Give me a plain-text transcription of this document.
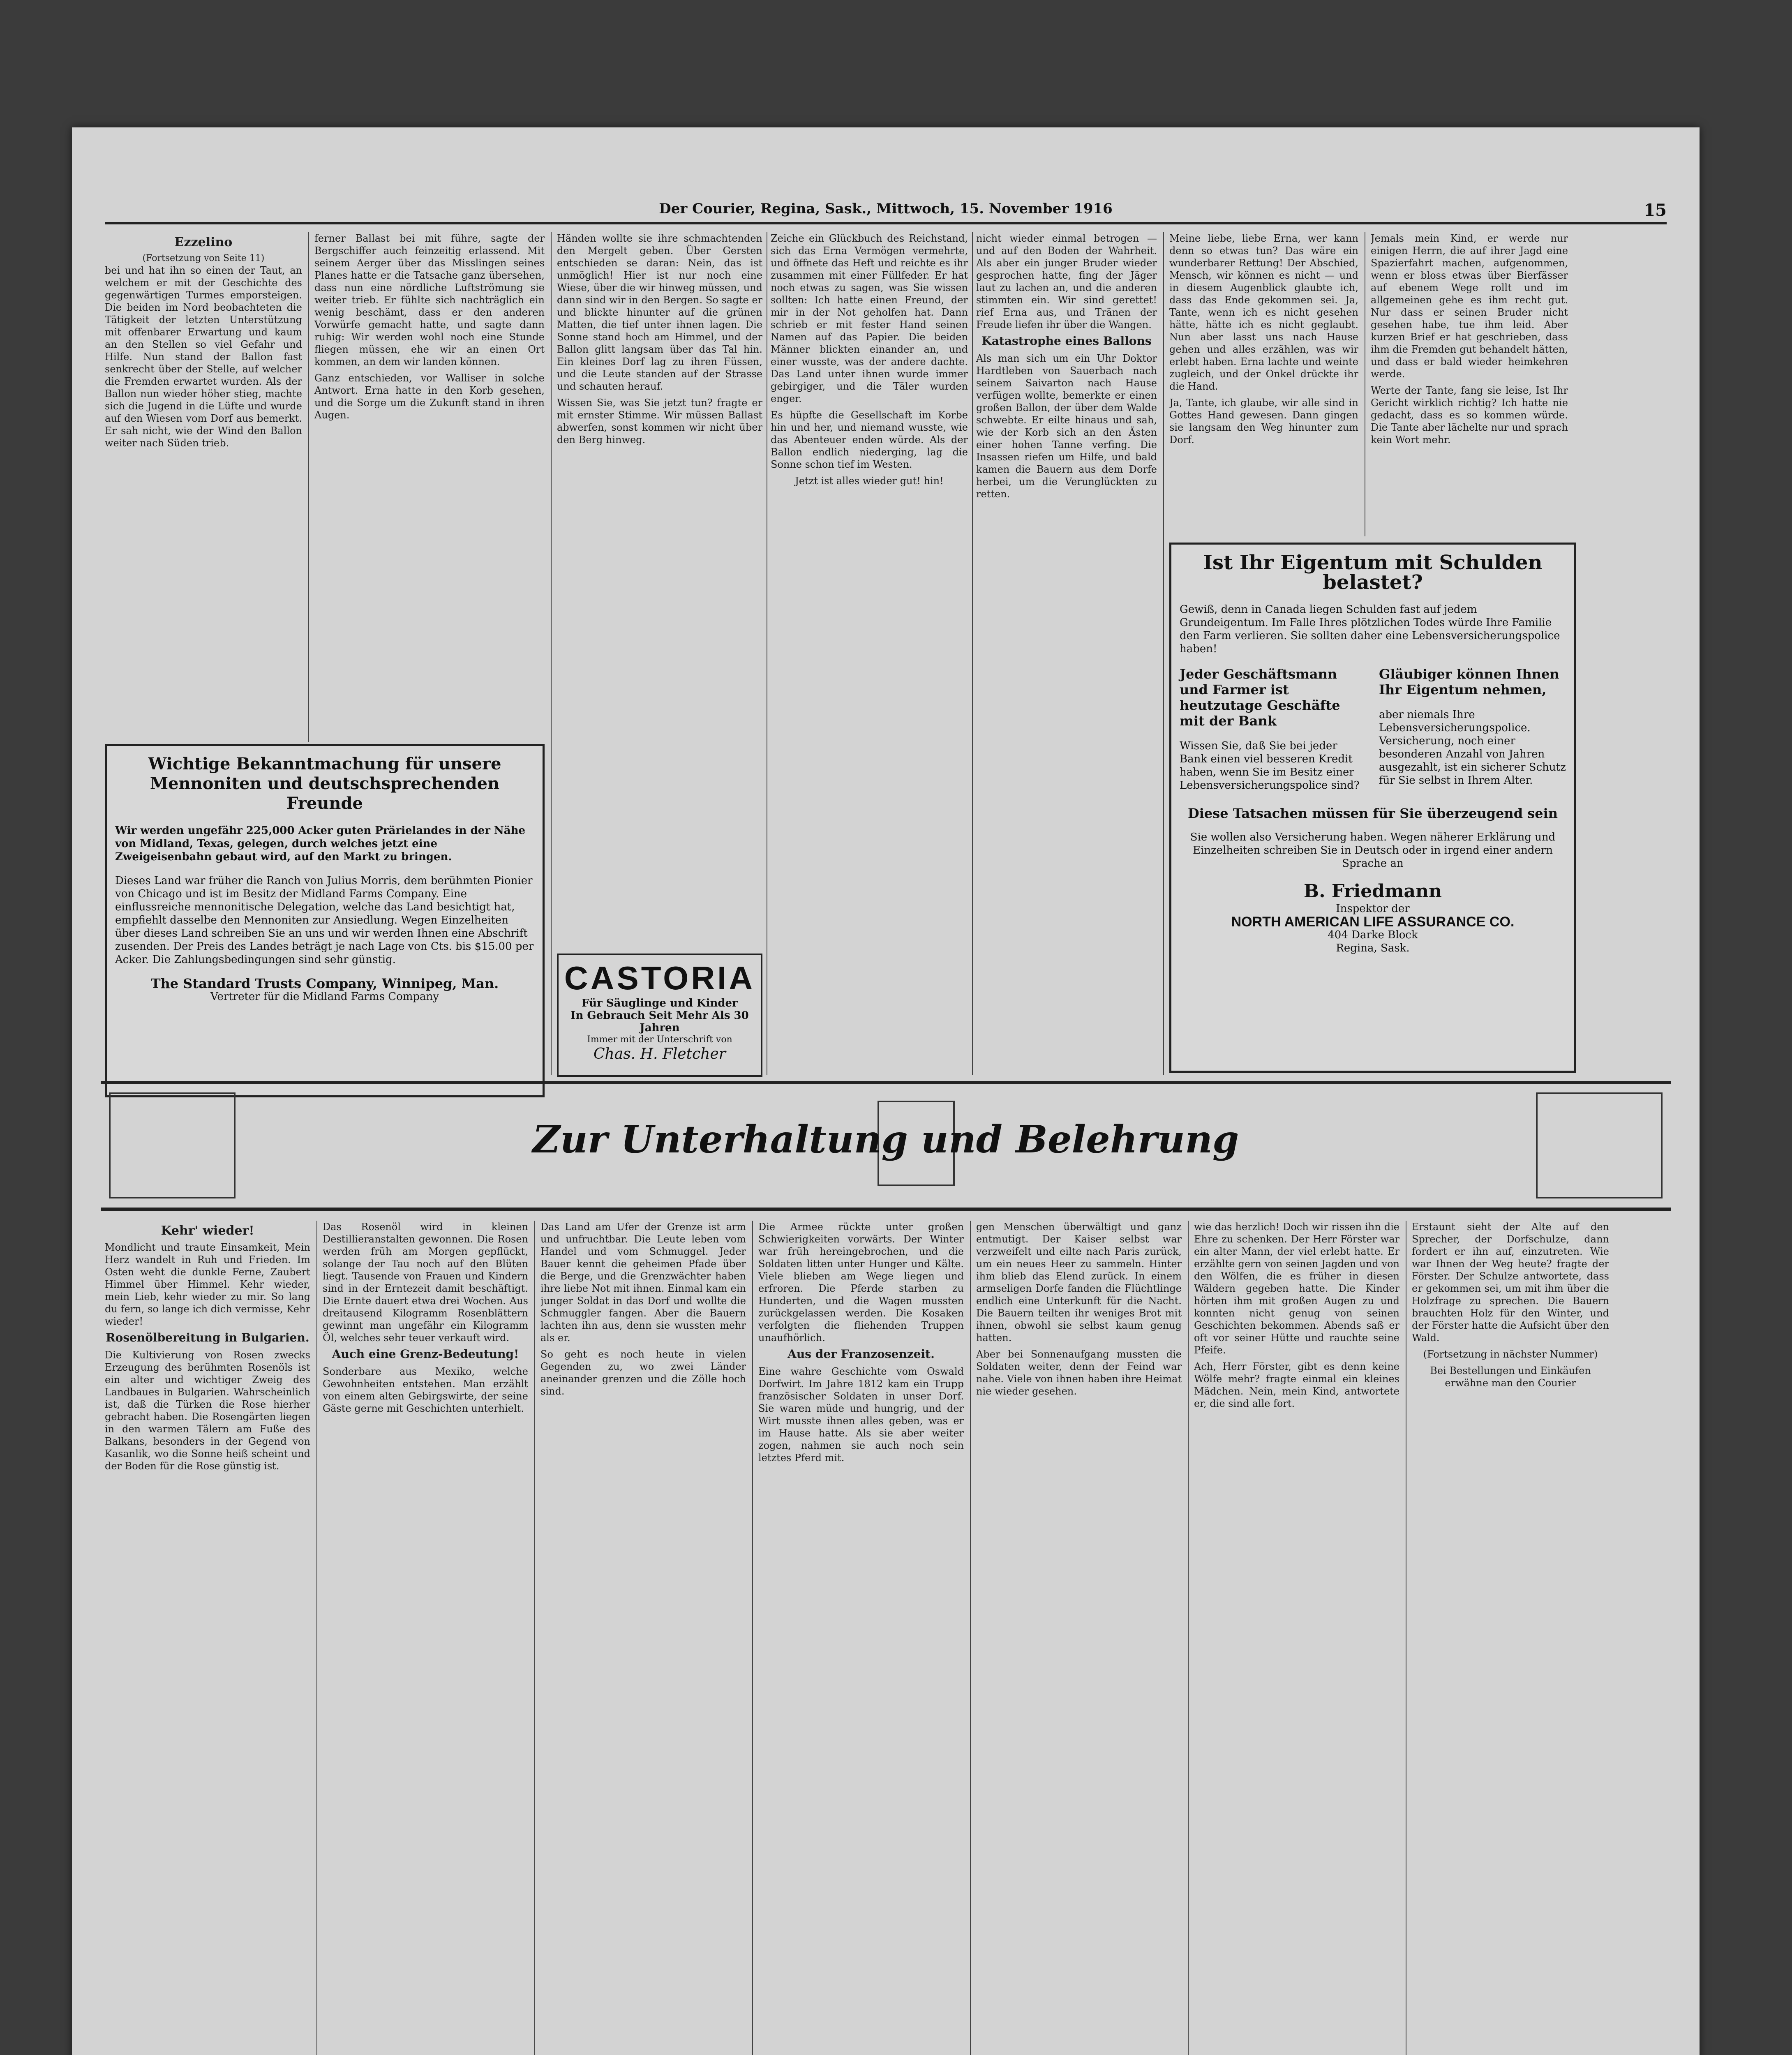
Der Courier, Regina, Sask., Mittwoch, 15. November 1916	15
Ezzelino
(Fortsetzung von Seite 11)

bei und hat ihn so einen der Taut, an welchem er mit der Geschichte des gegenwärtigen Turmes emporsteigen. Die beiden im Nord beobachteten die Tätigkeit der letzten Unterstützung mit offenbarer Erwartung und kaum an den Stellen so viel Gefahr und Hilfe. Nun stand der Ballon fast senkrecht über der Stelle, auf welcher die Fremden erwartet wurden. Als der Ballon nun wieder höher stieg, machte sich die Jugend in die Lüfte und wurde auf den Wiesen vom Dorf aus bemerkt. Er sah nicht, wie der Wind den Ballon weiter nach Süden trieb.

ferner Ballast bei mit führe, sagte der Bergschiffer auch feinzeitig erlassend. Mit seinem Aerger über das Misslingen seines Planes hatte er die Tatsache ganz übersehen, dass nun eine nördliche Luftströmung sie weiter trieb. Er fühlte sich nachträglich ein wenig beschämt, dass er den anderen Vorwürfe gemacht hatte, und sagte dann ruhig: Wir werden wohl noch eine Stunde fliegen müssen, ehe wir an einen Ort kommen, an dem wir landen können.

Ganz entschieden, vor Walliser in solche Antwort. Erna hatte in den Korb gesehen, und die Sorge um die Zukunft stand in ihren Augen.

Händen wollte sie ihre schmachtenden den Mergelt geben. Über Gersten entschieden se daran: Nein, das ist unmöglich! Hier ist nur noch eine Wiese, über die wir hinweg müssen, und dann sind wir in den Bergen. So sagte er und blickte hinunter auf die grünen Matten, die tief unter ihnen lagen. Die Sonne stand hoch am Himmel, und der Ballon glitt langsam über das Tal hin. Ein kleines Dorf lag zu ihren Füssen, und die Leute standen auf der Strasse und schauten herauf.

Wissen Sie, was Sie jetzt tun? fragte er mit ernster Stimme. Wir müssen Ballast abwerfen, sonst kommen wir nicht über den Berg hinweg.

Zeiche ein Glückbuch des Reichstand, sich das Erna Vermögen vermehrte, und öffnete das Heft und reichte es ihr zusammen mit einer Füllfeder. Er hat noch etwas zu sagen, was Sie wissen sollten: Ich hatte einen Freund, der mir in der Not geholfen hat. Dann schrieb er mit fester Hand seinen Namen auf das Papier. Die beiden Männer blickten einander an, und einer wusste, was der andere dachte. Das Land unter ihnen wurde immer gebirgiger, und die Täler wurden enger.

Es hüpfte die Gesellschaft im Korbe hin und her, und niemand wusste, wie das Abenteuer enden würde. Als der Ballon endlich niederging, lag die Sonne schon tief im Westen.

Jetzt ist alles wieder gut! hin!

nicht wieder einmal betrogen — und auf den Boden der Wahrheit. Als aber ein junger Bruder wieder gesprochen hatte, fing der Jäger laut zu lachen an, und die anderen stimmten ein. Wir sind gerettet! rief Erna aus, und Tränen der Freude liefen ihr über die Wangen.

Katastrophe eines Ballons

Als man sich um ein Uhr Doktor Hardtleben von Sauerbach nach seinem Saivarton nach Hause verfügen wollte, bemerkte er einen großen Ballon, der über dem Walde schwebte. Er eilte hinaus und sah, wie der Korb sich an den Ästen einer hohen Tanne verfing. Die Insassen riefen um Hilfe, und bald kamen die Bauern aus dem Dorfe herbei, um die Verunglückten zu retten.

Meine liebe, liebe Erna, wer kann denn so etwas tun? Das wäre ein wunderbarer Rettung! Der Abschied, Mensch, wir können es nicht — und in diesem Augenblick glaubte ich, dass das Ende gekommen sei. Ja, Tante, wenn ich es nicht gesehen hätte, hätte ich es nicht geglaubt. Nun aber lasst uns nach Hause gehen und alles erzählen, was wir erlebt haben. Erna lachte und weinte zugleich, und der Onkel drückte ihr die Hand.

Ja, Tante, ich glaube, wir alle sind in Gottes Hand gewesen. Dann gingen sie langsam den Weg hinunter zum Dorf.

Jemals mein Kind, er werde nur einigen Herrn, die auf ihrer Jagd eine Spazierfahrt machen, aufgenommen, wenn er bloss etwas über Bierfässer auf ebenem Wege rollt und im allgemeinen gehe es ihm recht gut. Nur dass er seinen Bruder nicht gesehen habe, tue ihm leid. Aber kurzen Brief er hat geschrieben, dass ihm die Fremden gut behandelt hätten, und dass er bald wieder heimkehren werde.

Werte der Tante, fang sie leise, Ist Ihr Gericht wirklich richtig? Ich hatte nie gedacht, dass es so kommen würde. Die Tante aber lächelte nur und sprach kein Wort mehr.

Wichtige Bekanntmachung für unsere Mennoniten und deutschsprechenden Freunde

Wir werden ungefähr 225,000 Acker guten Prärielandes in der Nähe von Midland, Texas, gelegen, durch welches jetzt eine Zweigeisenbahn gebaut wird, auf den Markt zu bringen.

Dieses Land war früher die Ranch von Julius Morris, dem berühmten Pionier von Chicago und ist im Besitz der Midland Farms Company. Eine einflussreiche mennonitische Delegation, welche das Land besichtigt hat, empfiehlt dasselbe den Mennoniten zur Ansiedlung. Wegen Einzelheiten über dieses Land schreiben Sie an uns und wir werden Ihnen eine Abschrift zusenden. Der Preis des Landes beträgt je nach Lage von Cts. bis $15.00 per Acker. Die Zahlungsbedingungen sind sehr günstig.

The Standard Trusts Company, Winnipeg, Man.
Vertreter für die Midland Farms Company
CASTORIA
Für Säuglinge und Kinder
In Gebrauch Seit Mehr Als 30 Jahren
Immer mit der Unterschrift von
Chas. H. Fletcher
Ist Ihr Eigentum mit Schulden belastet?

Gewiß, denn in Canada liegen Schulden fast auf jedem Grundeigentum. Im Falle Ihres plötzlichen Todes würde Ihre Familie den Farm verlieren. Sie sollten daher eine Lebensversicherungspolice haben!

Jeder Geschäftsmann und Farmer ist heutzutage Geschäfte mit der Bank

Wissen Sie, daß Sie bei jeder Bank einen viel besseren Kredit haben, wenn Sie im Besitz einer Lebensversicherungspolice sind?

Gläubiger können Ihnen Ihr Eigentum nehmen,

aber niemals Ihre Lebensversicherungspolice. Versicherung, noch einer besonderen Anzahl von Jahren ausgezahlt, ist ein sicherer Schutz für Sie selbst in Ihrem Alter.

Diese Tatsachen müssen für Sie überzeugend sein

Sie wollen also Versicherung haben. Wegen näherer Erklärung und Einzelheiten schreiben Sie in Deutsch oder in irgend einer andern Sprache an

B. Friedmann
Inspektor der
NORTH AMERICAN LIFE ASSURANCE CO.
404 Darke Block
Regina, Sask.
Zur Unterhaltung und Belehrung
Kehr' wieder!

Mondlicht und traute Einsamkeit, Mein Herz wandelt in Ruh und Frieden. Im Osten weht die dunkle Ferne, Zaubert Himmel über Himmel. Kehr wieder, mein Lieb, kehr wieder zu mir. So lang du fern, so lange ich dich vermisse, Kehr wieder!

Rosenölbereitung in Bulgarien.

Die Kultivierung von Rosen zwecks Erzeugung des berühmten Rosenöls ist ein alter und wichtiger Zweig des Landbaues in Bulgarien. Wahrscheinlich ist, daß die Türken die Rose hierher gebracht haben. Die Rosengärten liegen in den warmen Tälern am Fuße des Balkans, besonders in der Gegend von Kasanlik, wo die Sonne heiß scheint und der Boden für die Rose günstig ist.

Das Rosenöl wird in kleinen Destillieranstalten gewonnen. Die Rosen werden früh am Morgen gepflückt, solange der Tau noch auf den Blüten liegt. Tausende von Frauen und Kindern sind in der Erntezeit damit beschäftigt. Die Ernte dauert etwa drei Wochen. Aus dreitausend Kilogramm Rosenblättern gewinnt man ungefähr ein Kilogramm Öl, welches sehr teuer verkauft wird.

Auch eine Grenz-Bedeutung!

Sonderbare aus Mexiko, welche Gewohnheiten entstehen. Man erzählt von einem alten Gebirgswirte, der seine Gäste gerne mit Geschichten unterhielt.

Das Land am Ufer der Grenze ist arm und unfruchtbar. Die Leute leben vom Handel und vom Schmuggel. Jeder Bauer kennt die geheimen Pfade über die Berge, und die Grenzwächter haben ihre liebe Not mit ihnen. Einmal kam ein junger Soldat in das Dorf und wollte die Schmuggler fangen. Aber die Bauern lachten ihn aus, denn sie wussten mehr als er.

So geht es noch heute in vielen Gegenden zu, wo zwei Länder aneinander grenzen und die Zölle hoch sind.

Die Armee rückte unter großen Schwierigkeiten vorwärts. Der Winter war früh hereingebrochen, und die Soldaten litten unter Hunger und Kälte. Viele blieben am Wege liegen und erfroren. Die Pferde starben zu Hunderten, und die Wagen mussten zurückgelassen werden. Die Kosaken verfolgten die fliehenden Truppen unaufhörlich.

Aus der Franzosenzeit.

Eine wahre Geschichte vom Oswald Dorfwirt. Im Jahre 1812 kam ein Trupp französischer Soldaten in unser Dorf. Sie waren müde und hungrig, und der Wirt musste ihnen alles geben, was er im Hause hatte. Als sie aber weiter zogen, nahmen sie auch noch sein letztes Pferd mit.

gen Menschen überwältigt und ganz entmutigt. Der Kaiser selbst war verzweifelt und eilte nach Paris zurück, um ein neues Heer zu sammeln. Hinter ihm blieb das Elend zurück. In einem armseligen Dorfe fanden die Flüchtlinge endlich eine Unterkunft für die Nacht. Die Bauern teilten ihr weniges Brot mit ihnen, obwohl sie selbst kaum genug hatten.

Aber bei Sonnenaufgang mussten die Soldaten weiter, denn der Feind war nahe. Viele von ihnen haben ihre Heimat nie wieder gesehen.

wie das herzlich! Doch wir rissen ihn die Ehre zu schenken. Der Herr Förster war ein alter Mann, der viel erlebt hatte. Er erzählte gern von seinen Jagden und von den Wölfen, die es früher in diesen Wäldern gegeben hatte. Die Kinder hörten ihm mit großen Augen zu und konnten nicht genug von seinen Geschichten bekommen. Abends saß er oft vor seiner Hütte und rauchte seine Pfeife.

Ach, Herr Förster, gibt es denn keine Wölfe mehr? fragte einmal ein kleines Mädchen. Nein, mein Kind, antwortete er, die sind alle fort.

Erstaunt sieht der Alte auf den Sprecher, der Dorfschulze, dann fordert er ihn auf, einzutreten. Wie war Ihnen der Weg heute? fragte der Förster. Der Schulze antwortete, dass er gekommen sei, um mit ihm über die Holzfrage zu sprechen. Die Bauern brauchten Holz für den Winter, und der Förster hatte die Aufsicht über den Wald.

(Fortsetzung in nächster Nummer)

Bei Bestellungen und Einkäufen erwähne man den Courier
